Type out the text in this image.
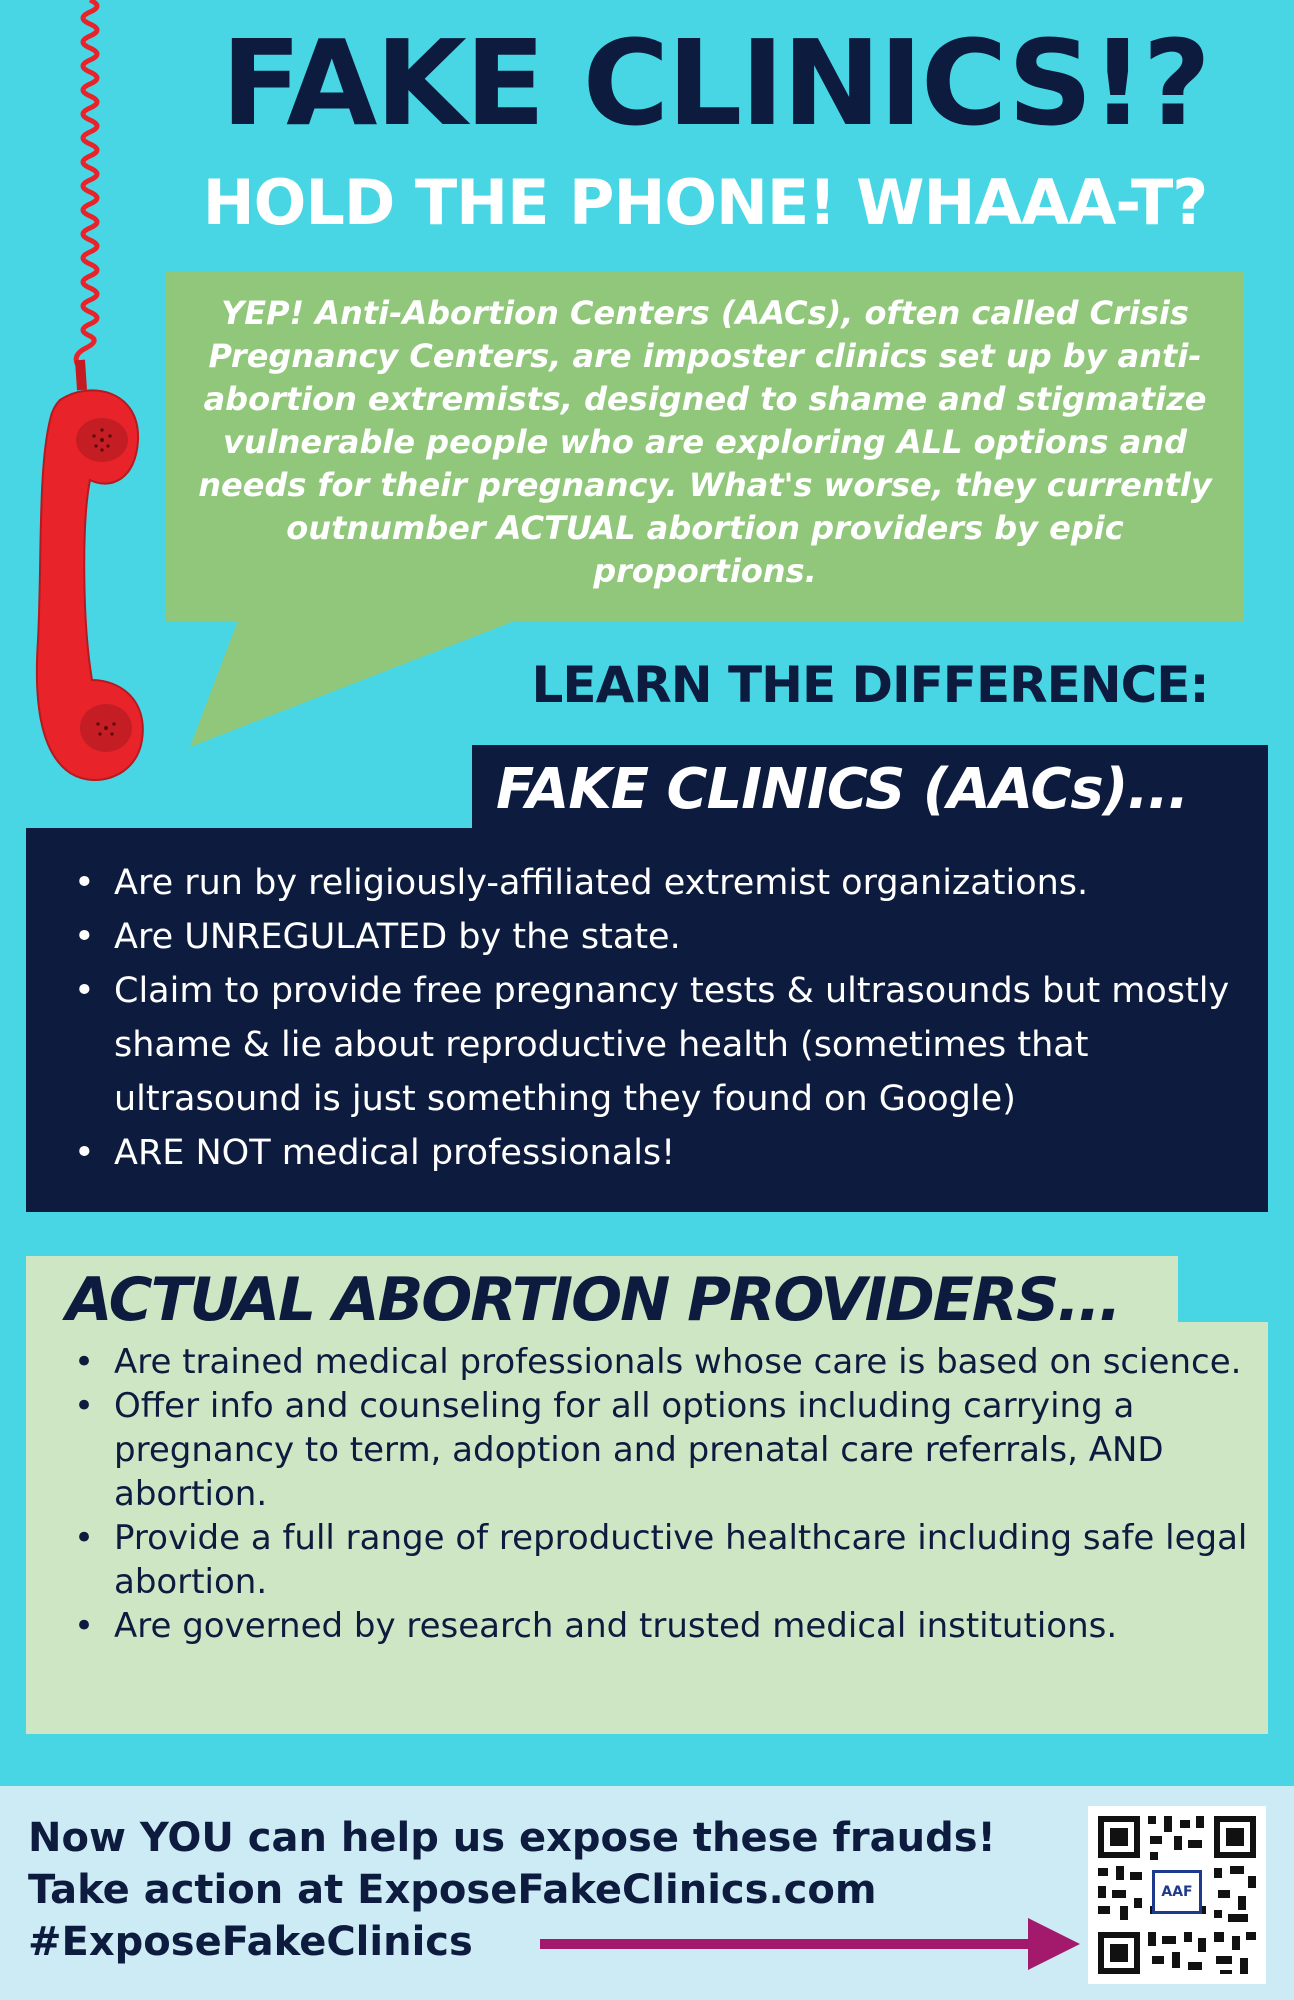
FAKE CLINICS!?
HOLD THE PHONE! WHAAA-T?

YEP! Anti-Abortion Centers (AACs), often called Crisis Pregnancy Centers, are imposter clinics set up by anti-abortion extremists, designed to shame and stigmatize vulnerable people who are exploring ALL options and needs for their pregnancy. What's worse, they currently outnumber ACTUAL abortion providers by epic proportions.

LEARN THE DIFFERENCE:
FAKE CLINICS (AACs)...
• Are run by religiously-affiliated extremist organizations.
• Are UNREGULATED by the state.
• Claim to provide free pregnancy tests & ultrasounds but mostly shame & lie about reproductive health (sometimes that ultrasound is just something they found on Google)
• ARE NOT medical professionals!
ACTUAL ABORTION PROVIDERS...
• Are trained medical professionals whose care is based on science.
• Offer info and counseling for all options including carrying a pregnancy to term, adoption and prenatal care referrals, AND abortion.
• Provide a full range of reproductive healthcare including safe legal abortion.
• Are governed by research and trusted medical institutions.
Now YOU can help us expose these frauds!
Take action at ExposeFakeClinics.com
#ExposeFakeClinics
AAF
